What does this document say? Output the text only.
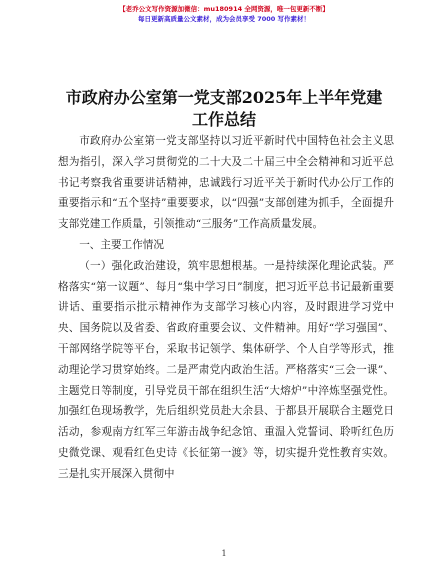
【老乔公文写作资源加微信：mu180914 全网资源，唯一包更新不断】
每日更新高质量公文素材，成为会员享受 7000 写作素材！
市政府办公室第一党支部2025年上半年党建工作总结

市政府办公室第一党支部坚持以习近平新时代中国特色社会主义思想为指引，深入学习贯彻党的二十大及二十届三中全会精神和习近平总书记考察我省重要讲话精神，忠诚践行习近平关于新时代办公厅工作的重要指示和“五个坚持”重要要求，以“四强”支部创建为抓手，全面提升支部党建工作质量，引领推动“三服务”工作高质量发展。

一、主要工作情况

（一）强化政治建设，筑牢思想根基。一是持续深化理论武装。严格落实“第一议题”、每月“集中学习日”制度，把习近平总书记最新重要讲话、重要指示批示精神作为支部学习核心内容，及时跟进学习党中央、国务院以及省委、省政府重要会议、文件精神。用好“学习强国”、干部网络学院等平台，采取书记领学、集体研学、个人自学等形式，推动理论学习贯穿始终。二是严肃党内政治生活。严格落实“三会一课”、主题党日等制度，引导党员干部在组织生活“大熔炉”中淬炼坚强党性。加强红色现场教学，先后组织党员赴大余县、于都县开展联合主题党日活动，参观南方红军三年游击战争纪念馆、重温入党誓词、聆听红色历史微党课、观看红色史诗《长征第一渡》等，切实提升党性教育实效。三是扎实开展深入贯彻中

1
